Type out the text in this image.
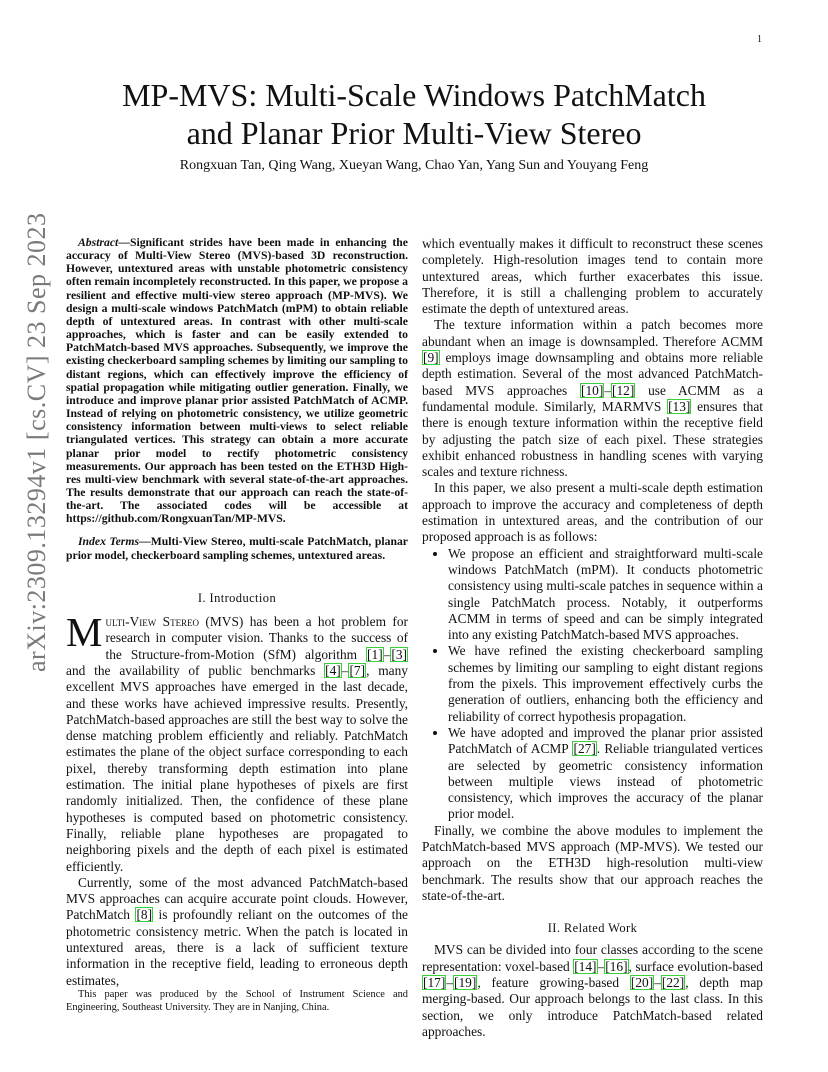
1
arXiv:2309.13294v1 [cs.CV] 23 Sep 2023
MP-MVS: Multi-Scale Windows PatchMatch
and Planar Prior Multi-View Stereo
Rongxuan Tan, Qing Wang, Xueyan Wang, Chao Yan, Yang Sun and Youyang Feng

Abstract—Significant strides have been made in enhancing the accuracy of Multi-View Stereo (MVS)-based 3D reconstruction. However, untextured areas with unstable photometric consistency often remain incompletely reconstructed. In this paper, we propose a resilient and effective multi-view stereo approach (MP-MVS). We design a multi-scale windows PatchMatch (mPM) to obtain reliable depth of untextured areas. In contrast with other multi-scale approaches, which is faster and can be easily extended to PatchMatch-based MVS approaches. Subsequently, we improve the existing checkerboard sampling schemes by limiting our sampling to distant regions, which can effectively improve the efficiency of spatial propagation while mitigating outlier generation. Finally, we introduce and improve planar prior assisted PatchMatch of ACMP. Instead of relying on photometric consistency, we utilize geometric consistency information between multi-views to select reliable triangulated vertices. This strategy can obtain a more accurate planar prior model to rectify photometric consistency measurements. Our approach has been tested on the ETH3D High-res multi-view benchmark with several state-of-the-art approaches. The results demonstrate that our approach can reach the state-of-the-art. The associated codes will be accessible at https://github.com/RongxuanTan/MP-MVS.

Index Terms—Multi-View Stereo, multi-scale PatchMatch, planar prior model, checkerboard sampling schemes, untextured areas.

I. Introduction

Multi-View Stereo (MVS) has been a hot problem for research in computer vision. Thanks to the success of the Structure-from-Motion (SfM) algorithm [1]–[3] and the availability of public benchmarks [4]–[7], many excellent MVS approaches have emerged in the last decade, and these works have achieved impressive results. Presently, PatchMatch-based approaches are still the best way to solve the dense matching problem efficiently and reliably. PatchMatch estimates the plane of the object surface corresponding to each pixel, thereby transforming depth estimation into plane estimation. The initial plane hypotheses of pixels are first randomly initialized. Then, the confidence of these plane hypotheses is computed based on photometric consistency. Finally, reliable plane hypotheses are propagated to neighboring pixels and the depth of each pixel is estimated efficiently.

Currently, some of the most advanced PatchMatch-based MVS approaches can acquire accurate point clouds. However, PatchMatch [8] is profoundly reliant on the outcomes of the photometric consistency metric. When the patch is located in untextured areas, there is a lack of sufficient texture information in the receptive field, leading to erroneous depth estimates,

This paper was produced by the School of Instrument Science and Engineering, Southeast University. They are in Nanjing, China.

which eventually makes it difficult to reconstruct these scenes completely. High-resolution images tend to contain more untextured areas, which further exacerbates this issue. Therefore, it is still a challenging problem to accurately estimate the depth of untextured areas.

The texture information within a patch becomes more abundant when an image is downsampled. Therefore ACMM [9] employs image downsampling and obtains more reliable depth estimation. Several of the most advanced PatchMatch-based MVS approaches [10]–[12] use ACMM as a fundamental module. Similarly, MARMVS [13] ensures that there is enough texture information within the receptive field by adjusting the patch size of each pixel. These strategies exhibit enhanced robustness in handling scenes with varying scales and texture richness.

In this paper, we also present a multi-scale depth estimation approach to improve the accuracy and completeness of depth estimation in untextured areas, and the contribution of our proposed approach is as follows:

• We propose an efficient and straightforward multi-scale windows PatchMatch (mPM). It conducts photometric consistency using multi-scale patches in sequence within a single PatchMatch process. Notably, it outperforms ACMM in terms of speed and can be simply integrated into any existing PatchMatch-based MVS approaches.
• We have refined the existing checkerboard sampling schemes by limiting our sampling to eight distant regions from the pixels. This improvement effectively curbs the generation of outliers, enhancing both the efficiency and reliability of correct hypothesis propagation.
• We have adopted and improved the planar prior assisted PatchMatch of ACMP [27]. Reliable triangulated vertices are selected by geometric consistency information between multiple views instead of photometric consistency, which improves the accuracy of the planar prior model.

Finally, we combine the above modules to implement the PatchMatch-based MVS approach (MP-MVS). We tested our approach on the ETH3D high-resolution multi-view benchmark. The results show that our approach reaches the state-of-the-art.

II. Related Work

MVS can be divided into four classes according to the scene representation: voxel-based [14]–[16], surface evolution-based [17]–[19], feature growing-based [20]–[22], depth map merging-based. Our approach belongs to the last class. In this section, we only introduce PatchMatch-based related approaches.
